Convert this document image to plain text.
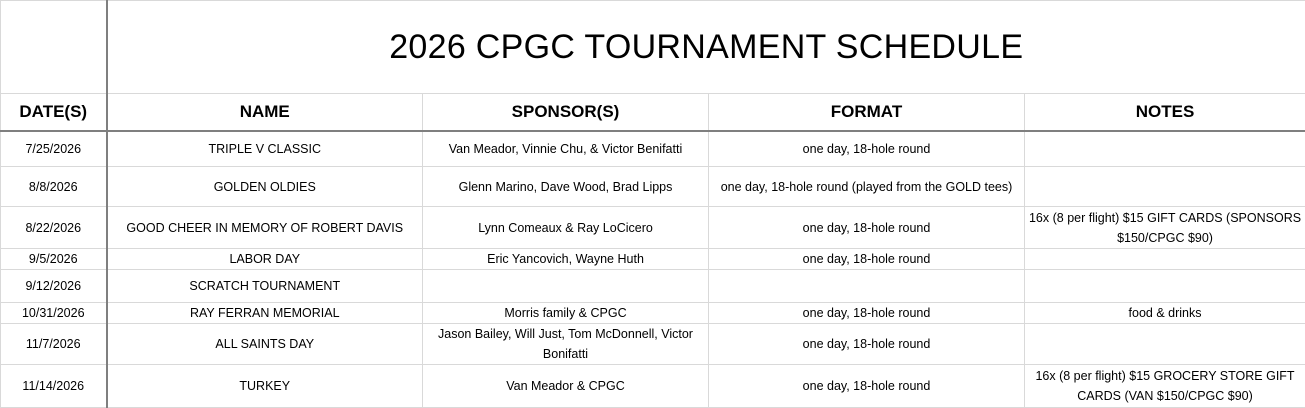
	2026 CPGC TOURNAMENT SCHEDULE			
DATE(S)	NAME	SPONSOR(S)	FORMAT	NOTES
7/25/2026	TRIPLE V CLASSIC	Van Meador, Vinnie Chu, & Victor Benifatti	one day, 18-hole round	
8/8/2026	GOLDEN OLDIES	Glenn Marino, Dave Wood, Brad Lipps	one day, 18-hole round (played from the GOLD tees)	
8/22/2026	GOOD CHEER IN MEMORY OF ROBERT DAVIS	Lynn Comeaux & Ray LoCicero	one day, 18-hole round	16x (8 per flight) $15 GIFT CARDS (SPONSORS $150/CPGC $90)
9/5/2026	LABOR DAY	Eric Yancovich, Wayne Huth	one day, 18-hole round	
9/12/2026	SCRATCH TOURNAMENT			
10/31/2026	RAY FERRAN MEMORIAL	Morris family & CPGC	one day, 18-hole round	food & drinks
11/7/2026	ALL SAINTS DAY	Jason Bailey, Will Just, Tom McDonnell, Victor Bonifatti	one day, 18-hole round	
11/14/2026	TURKEY	Van Meador & CPGC	one day, 18-hole round	16x (8 per flight) $15 GROCERY STORE GIFT CARDS (VAN $150/CPGC $90)
